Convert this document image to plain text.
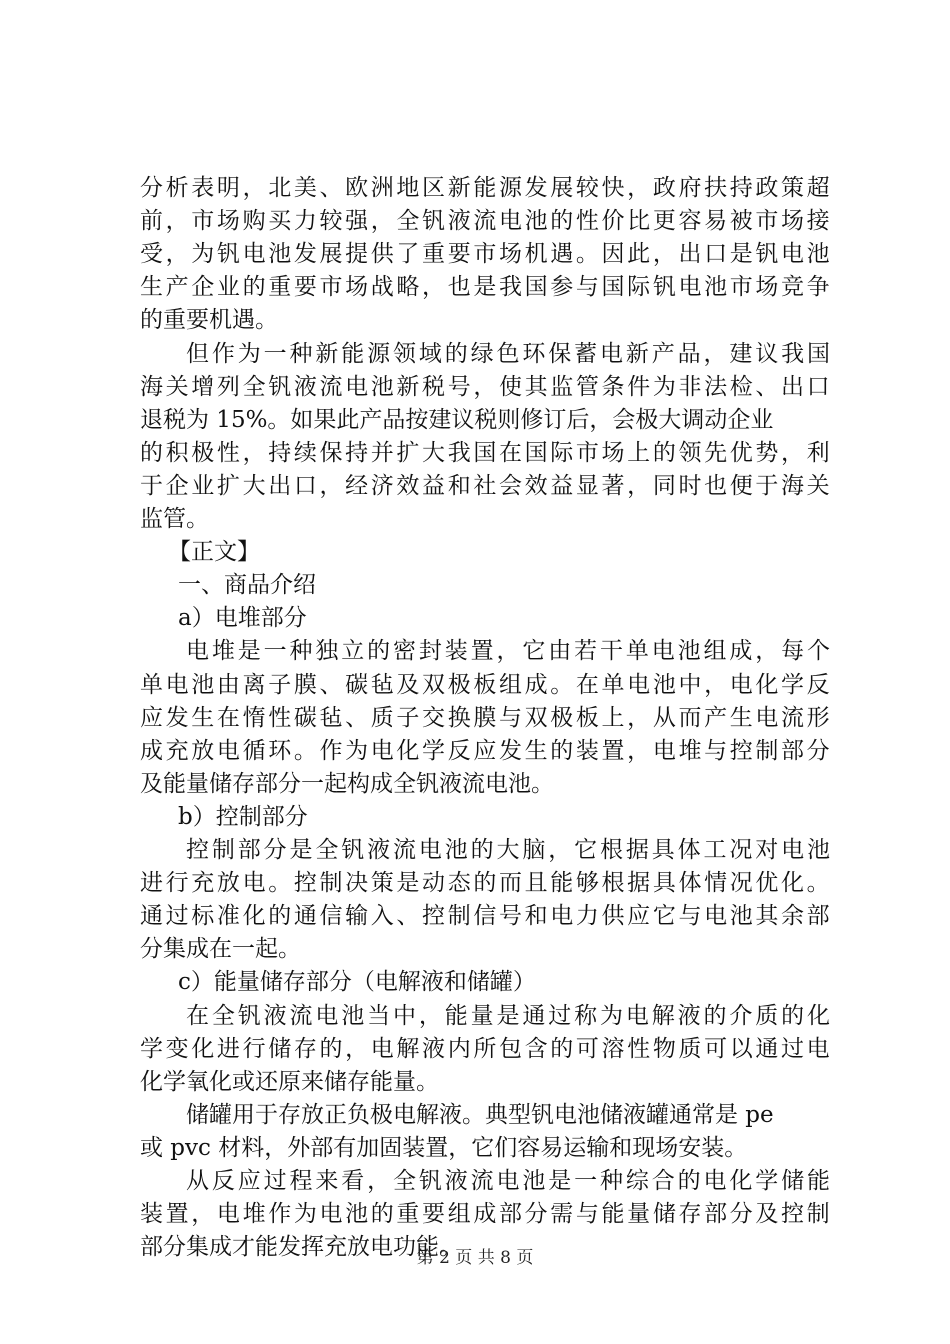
分 析 表 明 ， 北 美 、 欧 洲 地 区 新 能 源 发 展 较 快 ， 政 府 扶 持 政 策 超
前 ， 市 场 购 买 力 较 强 ， 全 钒 液 流 电 池 的 性 价 比 更 容 易 被 市 场 接
受 ， 为 钒 电 池 发 展 提 供 了 重 要 市 场 机 遇 。 因 此 ， 出 口 是 钒 电 池
生 产 企 业 的 重 要 市 场 战 略 ， 也 是 我 国 参 与 国 际 钒 电 池 市 场 竞 争
的重要机遇。
但 作 为 一 种 新 能 源 领 域 的 绿 色 环 保 蓄 电 新 产 品 ， 建 议 我 国
海 关 增 列 全 钒 液 流 电 池 新 税 号 ， 使 其 监 管 条 件 为 非 法 检 、 出 口
退税为 15%。如果此产品按建议税则修订后，会极大调动企业
的 积 极 性 ， 持 续 保 持 并 扩 大 我 国 在 国 际 市 场 上 的 领 先 优 势 ， 利
于 企 业 扩 大 出 口 ， 经 济 效 益 和 社 会 效 益 显 著 ， 同 时 也 便 于 海 关
监管。
【正文】
一、商品介绍
a）电堆部分
电 堆 是 一 种 独 立 的 密 封 装 置 ， 它 由 若 干 单 电 池 组 成 ， 每 个
单 电 池 由 离 子 膜 、 碳 毡 及 双 极 板 组 成 。 在 单 电 池 中 ， 电 化 学 反
应 发 生 在 惰 性 碳 毡 、 质 子 交 换 膜 与 双 极 板 上 ， 从 而 产 生 电 流 形
成 充 放 电 循 环 。 作 为 电 化 学 反 应 发 生 的 装 置 ， 电 堆 与 控 制 部 分
及能量储存部分一起构成全钒液流电池。
b）控制部分
控 制 部 分 是 全 钒 液 流 电 池 的 大 脑 ， 它 根 据 具 体 工 况 对 电 池
进 行 充 放 电 。 控 制 决 策 是 动 态 的 而 且 能 够 根 据 具 体 情 况 优 化 。
通 过 标 准 化 的 通 信 输 入 、 控 制 信 号 和 电 力 供 应 它 与 电 池 其 余 部
分集成在一起。
c）能量储存部分（电解液和储罐）
在 全 钒 液 流 电 池 当 中 ， 能 量 是 通 过 称 为 电 解 液 的 介 质 的 化
学 变 化 进 行 储 存 的 ， 电 解 液 内 所 包 含 的 可 溶 性 物 质 可 以 通 过 电
化学氧化或还原来储存能量。
储罐用于存放正负极电解液。典型钒电池储液罐通常是 pe
或 pvc 材料，外部有加固装置，它们容易运输和现场安装。
从 反 应 过 程 来 看 ， 全 钒 液 流 电 池 是 一 种 综 合 的 电 化 学 储 能
装 置 ， 电 堆 作 为 电 池 的 重 要 组 成 部 分 需 与 能 量 储 存 部 分 及 控 制
部分集成才能发挥充放电功能。
第 2 页 共 8 页
